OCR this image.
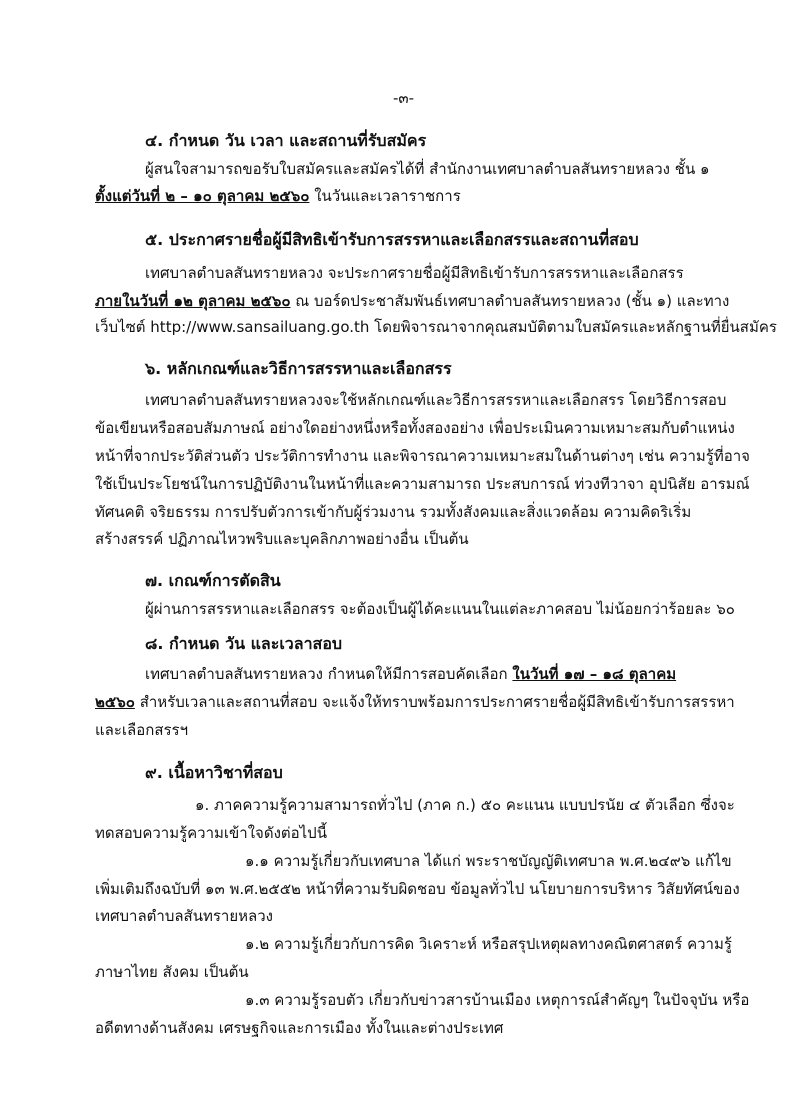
-๓-
๔. กำหนด วัน เวลา และสถานที่รับสมัคร
ผู้สนใจสามารถขอรับใบสมัครและสมัครได้ที่ สำนักงานเทศบาลตำบลสันทรายหลวง ชั้น ๑
ตั้งแต่วันที่ ๒ – ๑๐ ตุลาคม ๒๕๖๐ ในวันและเวลาราชการ
๕. ประกาศรายชื่อผู้มีสิทธิเข้ารับการสรรหาและเลือกสรรและสถานที่สอบ
เทศบาลตำบลสันทรายหลวง จะประกาศรายชื่อผู้มีสิทธิเข้ารับการสรรหาและเลือกสรร
ภายในวันที่ ๑๒ ตุลาคม ๒๕๖๐ ณ บอร์ดประชาสัมพันธ์เทศบาลตำบลสันทรายหลวง (ชั้น ๑) และทาง
เว็บไซต์ http://www.sansailuang.go.th โดยพิจารณาจากคุณสมบัติตามใบสมัครและหลักฐานที่ยื่นสมัคร
๖. หลักเกณฑ์และวิธีการสรรหาและเลือกสรร
เทศบาลตำบลสันทรายหลวงจะใช้หลักเกณฑ์และวิธีการสรรหาและเลือกสรร โดยวิธีการสอบ
ข้อเขียนหรือสอบสัมภาษณ์ อย่างใดอย่างหนึ่งหรือทั้งสองอย่าง เพื่อประเมินความเหมาะสมกับตำแหน่ง
หน้าที่จากประวัติส่วนตัว ประวัติการทำงาน และพิจารณาความเหมาะสมในด้านต่างๆ เช่น ความรู้ที่อาจ
ใช้เป็นประโยชน์ในการปฏิบัติงานในหน้าที่และความสามารถ ประสบการณ์ ท่วงทีวาจา อุปนิสัย อารมณ์
ทัศนคติ จริยธรรม การปรับตัวการเข้ากับผู้ร่วมงาน รวมทั้งสังคมและสิ่งแวดล้อม ความคิดริเริ่ม
สร้างสรรค์ ปฏิภาณไหวพริบและบุคลิกภาพอย่างอื่น เป็นต้น
๗. เกณฑ์การตัดสิน
ผู้ผ่านการสรรหาและเลือกสรร จะต้องเป็นผู้ได้คะแนนในแต่ละภาคสอบ ไม่น้อยกว่าร้อยละ ๖๐
๘. กำหนด วัน และเวลาสอบ
เทศบาลตำบลสันทรายหลวง กำหนดให้มีการสอบคัดเลือก ในวันที่ ๑๗ – ๑๘ ตุลาคม
๒๕๖๐ สำหรับเวลาและสถานที่สอบ จะแจ้งให้ทราบพร้อมการประกาศรายชื่อผู้มีสิทธิเข้ารับการสรรหา
และเลือกสรรฯ
๙. เนื้อหาวิชาที่สอบ
๑. ภาคความรู้ความสามารถทั่วไป (ภาค ก.) ๕๐ คะแนน แบบปรนัย ๔ ตัวเลือก ซึ่งจะ
ทดสอบความรู้ความเข้าใจดังต่อไปนี้
๑.๑ ความรู้เกี่ยวกับเทศบาล ได้แก่ พระราชบัญญัติเทศบาล พ.ศ.๒๔๙๖ แก้ไข
เพิ่มเติมถึงฉบับที่ ๑๓ พ.ศ.๒๕๕๒ หน้าที่ความรับผิดชอบ ข้อมูลทั่วไป นโยบายการบริหาร วิสัยทัศน์ของ
เทศบาลตำบลสันทรายหลวง
๑.๒ ความรู้เกี่ยวกับการคิด วิเคราะห์ หรือสรุปเหตุผลทางคณิตศาสตร์ ความรู้
ภาษาไทย สังคม เป็นต้น
๑.๓ ความรู้รอบตัว เกี่ยวกับข่าวสารบ้านเมือง เหตุการณ์สำคัญๆ ในปัจจุบัน หรือ
อดีตทางด้านสังคม เศรษฐกิจและการเมือง ทั้งในและต่างประเทศ
